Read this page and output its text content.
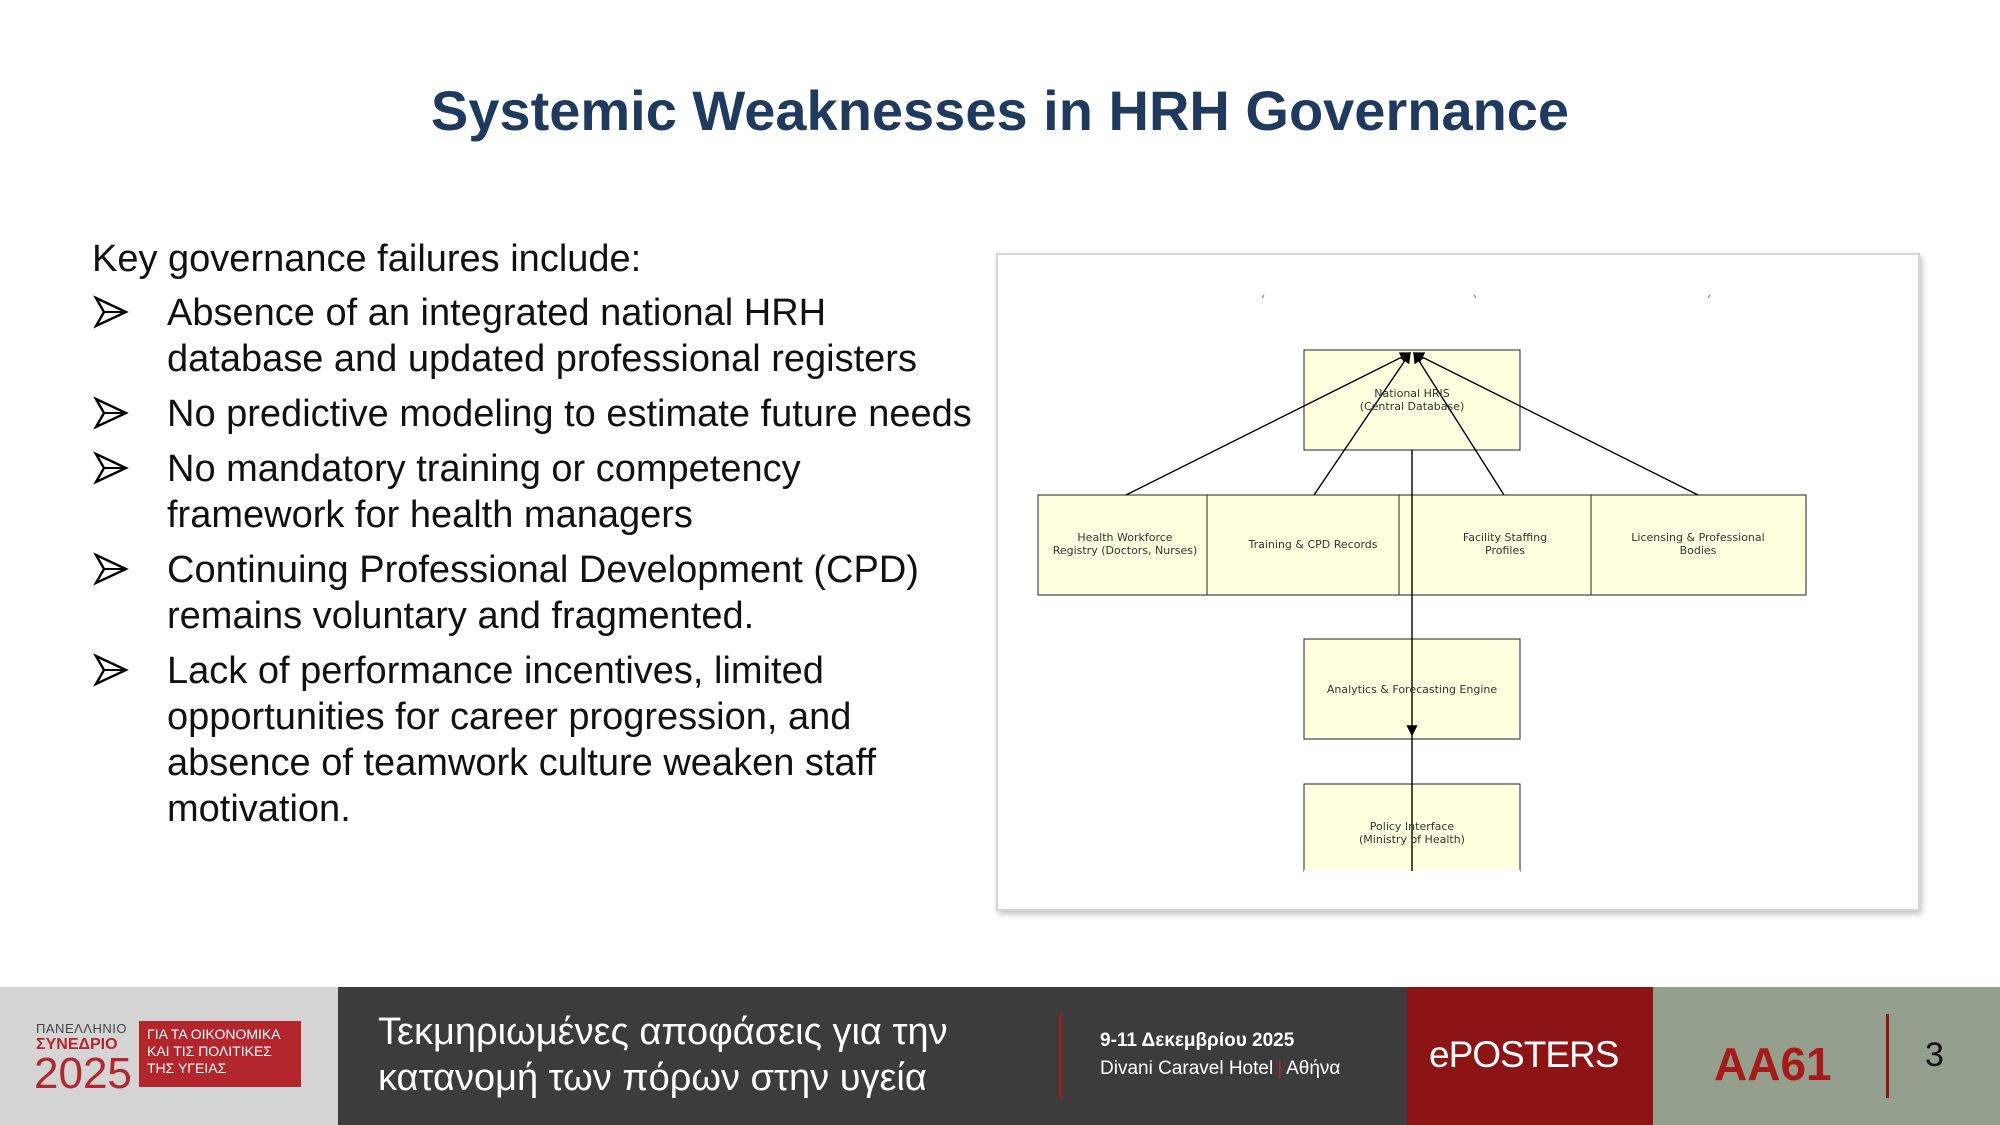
Systemic Weaknesses in HRH Governance
Key governance failures include:
Absence of an integrated national HRH database and updated professional registers
No predictive modeling to estimate future needs
No mandatory training or competency framework for health managers
Continuing Professional Development (CPD) remains voluntary and fragmented.
Lack of performance incentives, limited opportunities for career progression, and absence of teamwork culture weaken staff motivation.
National HRIS
(Central Database)
Health Workforce
Registry (Doctors, Nurses)	Training & CPD Records
Facility Staffing
Profiles
Licensing & Professional
Bodies
Analytics & Forecasting Engine
Policy Interface
(Ministry of Health)
ΠΑΝΕΛΛΗΝΙΟ
ΣΥΝΕΔΡΙΟ
2025
ΓΙΑ ΤΑ ΟΙΚΟΝΟΜΙΚΑ
ΚΑΙ ΤΙΣ ΠΟΛΙΤΙΚΕΣ
ΤΗΣ ΥΓΕΙΑΣ
Τεκμηριωμένες αποφάσεις για την κατανομή των πόρων στην υγεία
9-11 Δεκεμβρίου 2025
Divani Caravel Hotel | Αθήνα ePOSTERS AA61	3
